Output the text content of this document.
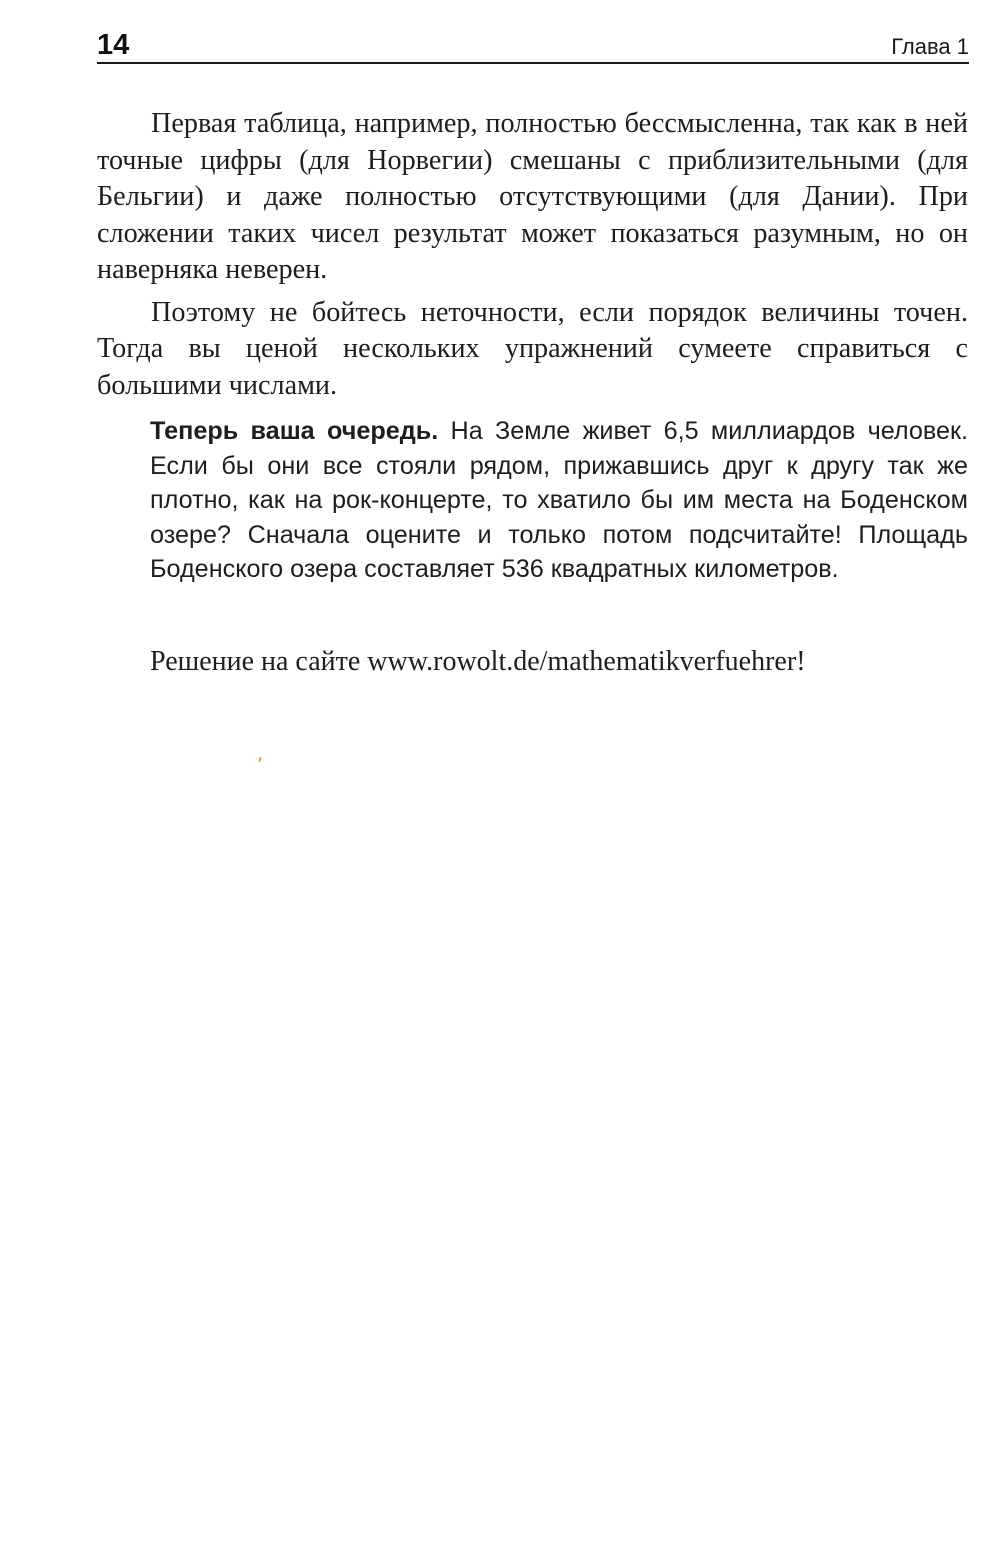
14	Глава 1

Первая таблица, например, полностью бессмысленна, так как в ней точные цифры (для Норвегии) смешаны с приблизительными (для Бельгии) и даже полностью отсутствующими (для Дании). При сложении таких чисел результат может показаться разумным, но он наверняка неверен.

Поэтому не бойтесь неточности, если порядок величины точен. Тогда вы ценой нескольких упражнений сумеете справиться с большими числами.

Теперь ваша очередь. На Земле живет 6,5 миллиардов человек. Если бы они все стояли рядом, прижавшись друг к другу так же плотно, как на рок-концерте, то хватило бы им места на Боденском озере? Сначала оцените и только потом подсчитайте! Площадь Боденского озера составляет 536 квадратных километров.

Решение на сайте www.rowolt.de/mathematikverfuehrer!
